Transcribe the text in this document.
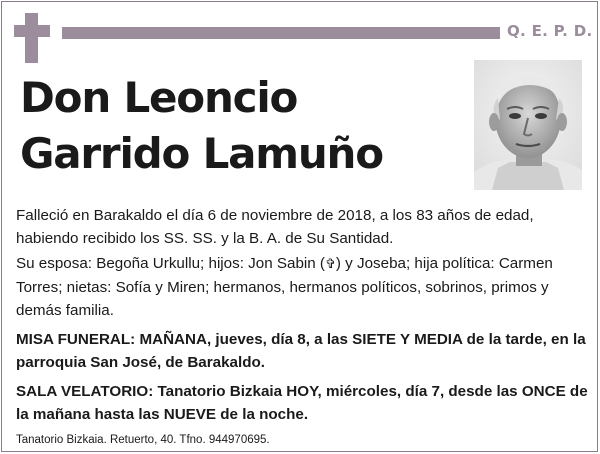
Q. E. P. D.
Don Leoncio
Garrido Lamuño

Falleció en Barakaldo el día 6 de noviembre de 2018, a los 83 años de edad, habiendo recibido los SS. SS. y la B. A. de Su Santidad.

Su esposa: Begoña Urkullu; hijos: Jon Sabin (✞) y Joseba; hija política: Carmen Torres; nietas: Sofía y Miren; hermanos, hermanos políticos, sobrinos, primos y demás familia.

MISA FUNERAL: MAÑANA, jueves, día 8, a las SIETE Y MEDIA de la tarde, en la parroquia San José, de Barakaldo.

SALA VELATORIO: Tanatorio Bizkaia HOY, miércoles, día 7, desde las ONCE de la mañana hasta las NUEVE de la noche.

Tanatorio Bizkaia. Retuerto, 40. Tfno. 944970695.
